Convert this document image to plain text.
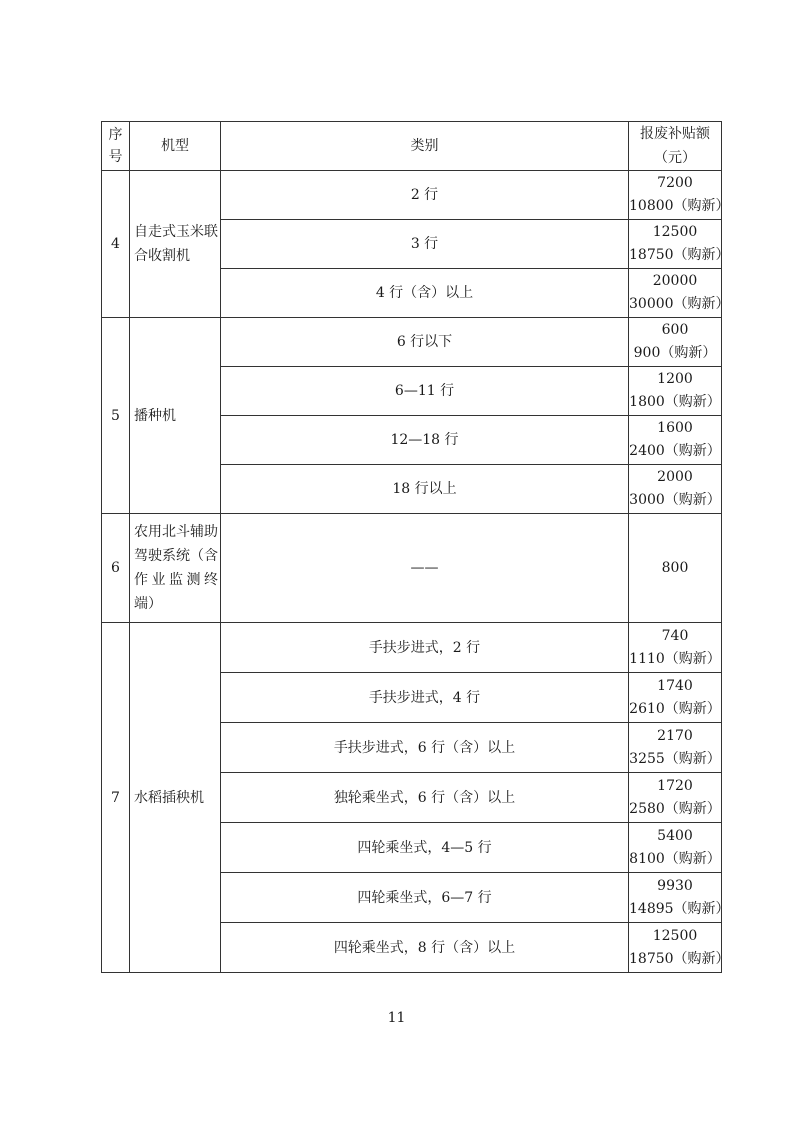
序号	机型	类别	报废补贴额
（元）

4	自走式玉米联合收割机	2 行	7200
10800（购新）

		3 行	12500
18750（购新）

		4 行（含）以上	20000
30000（购新）

5	播种机	6 行以下	600
900（购新）

		6—11 行	1200
1800（购新）

		12—18 行	1600
2400（购新）

		18 行以上	2000
3000（购新）

6	农用北斗辅助驾驶系统（含作业监测终端）	——	800

7	水稻插秧机	手扶步进式，2 行	740
1110（购新）

		手扶步进式，4 行	1740
2610（购新）

		手扶步进式，6 行（含）以上	2170
3255（购新）

		独轮乘坐式，6 行（含）以上	1720
2580（购新）

		四轮乘坐式，4—5 行	5400
8100（购新）

		四轮乘坐式，6—7 行	9930
14895（购新）

		四轮乘坐式，8 行（含）以上	12500
18750（购新）
11
